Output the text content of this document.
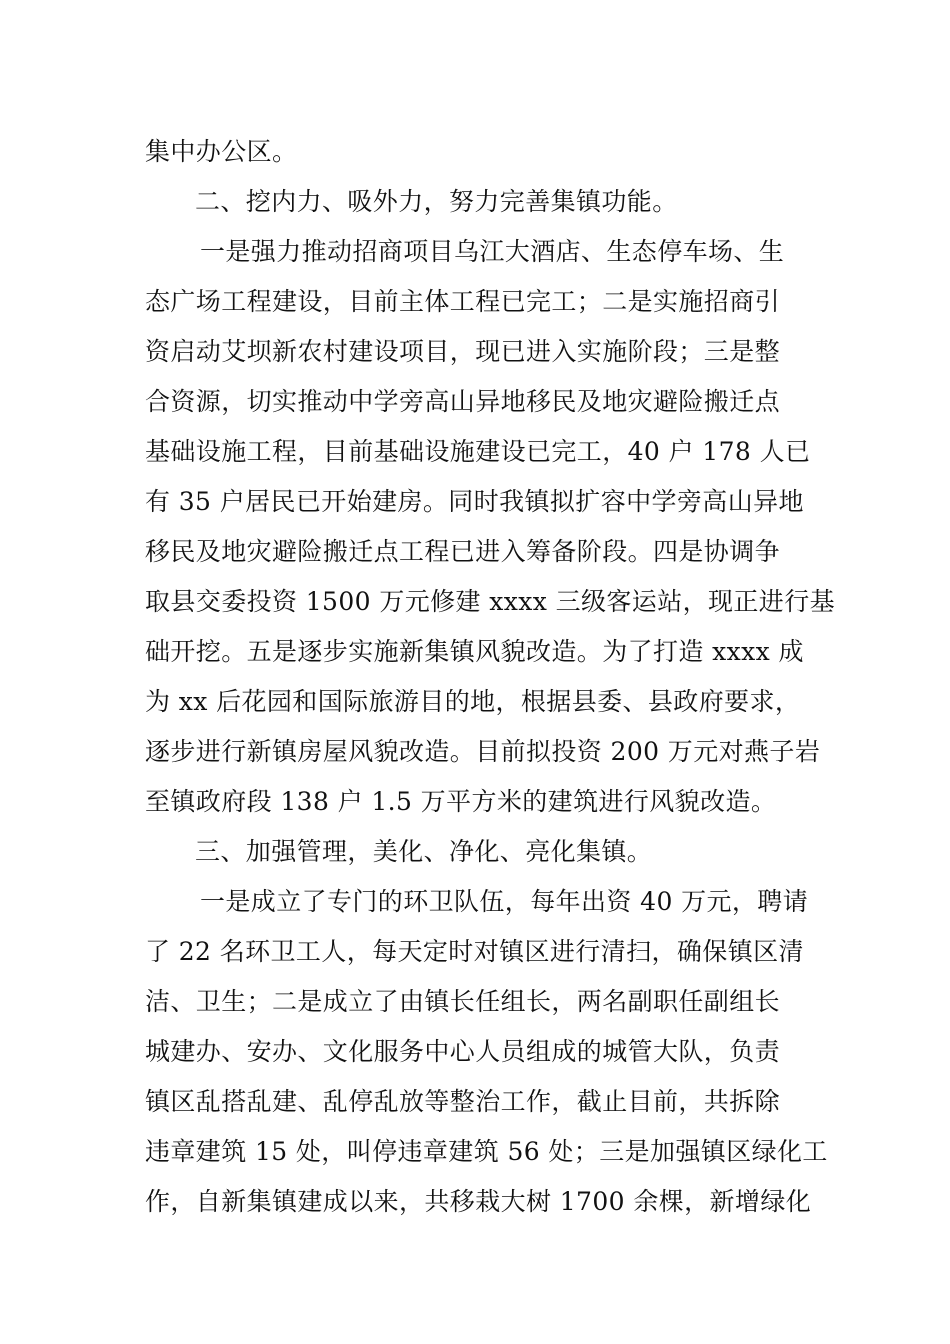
集中办公区。
二、挖内力、吸外力，努力完善集镇功能。
一是强力推动招商项目乌江大酒店、生态停车场、生
态广场工程建设，目前主体工程已完工；二是实施招商引
资启动艾坝新农村建设项目，现已进入实施阶段；三是整
合资源，切实推动中学旁高山异地移民及地灾避险搬迁点
基础设施工程，目前基础设施建设已完工，40 户 178 人已
有 35 户居民已开始建房。同时我镇拟扩容中学旁高山异地
移民及地灾避险搬迁点工程已进入筹备阶段。四是协调争
取县交委投资 1500 万元修建 xxxx 三级客运站，现正进行基
础开挖。五是逐步实施新集镇风貌改造。为了打造 xxxx 成
为 xx 后花园和国际旅游目的地，根据县委、县政府要求，
逐步进行新镇房屋风貌改造。目前拟投资 200 万元对燕子岩
至镇政府段 138 户 1.5 万平方米的建筑进行风貌改造。
三、加强管理，美化、净化、亮化集镇。
一是成立了专门的环卫队伍，每年出资 40 万元，聘请
了 22 名环卫工人，每天定时对镇区进行清扫，确保镇区清
洁、卫生；二是成立了由镇长任组长，两名副职任副组长
城建办、安办、文化服务中心人员组成的城管大队，负责
镇区乱搭乱建、乱停乱放等整治工作，截止目前，共拆除
违章建筑 15 处，叫停违章建筑 56 处；三是加强镇区绿化工
作，自新集镇建成以来，共移栽大树 1700 余棵，新增绿化
